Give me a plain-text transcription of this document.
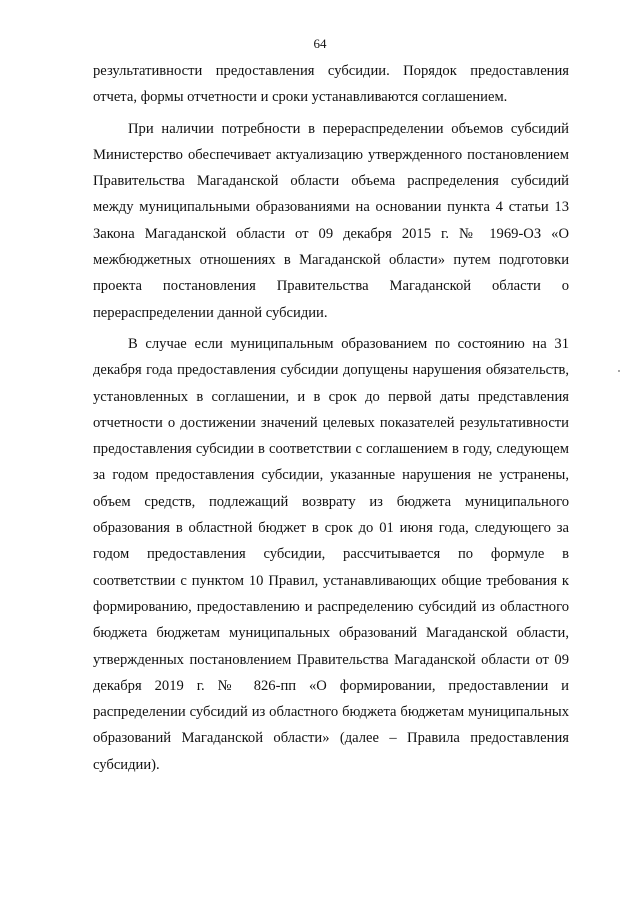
64

результативности предоставления субсидии. Порядок предоставления отчета, формы отчетности и сроки устанавливаются соглашением.

При наличии потребности в перераспределении объемов субсидий Министерство обеспечивает актуализацию утвержденного постановлением Правительства Магаданской области объема распределения субсидий между муниципальными образованиями на основании пункта 4 статьи 13 Закона Магаданской области от 09 декабря 2015 г. № 1969-ОЗ «О межбюджетных отношениях в Магаданской области» путем подготовки проекта постановления Правительства Магаданской области о перераспределении данной субсидии.

В случае если муниципальным образованием по состоянию на 31 декабря года предоставления субсидии допущены нарушения обязательств, установленных в соглашении, и в срок до первой даты представления отчетности о достижении значений целевых показателей результативности предоставления субсидии в соответствии с соглашением в году, следующем за годом предоставления субсидии, указанные нарушения не устранены, объем средств, подлежащий возврату из бюджета муниципального образования в областной бюджет в срок до 01 июня года, следующего за годом предоставления субсидии, рассчитывается по формуле в соответствии с пунктом 10 Правил, устанавливающих общие требования к формированию, предоставлению и распределению субсидий из областного бюджета бюджетам муниципальных образований Магаданской области, утвержденных постановлением Правительства Магаданской области от 09 декабря 2019 г. № 826-пп «О формировании, предоставлении и распределении субсидий из областного бюджета бюджетам муниципальных образований Магаданской области» (далее – Правила предоставления субсидии).
